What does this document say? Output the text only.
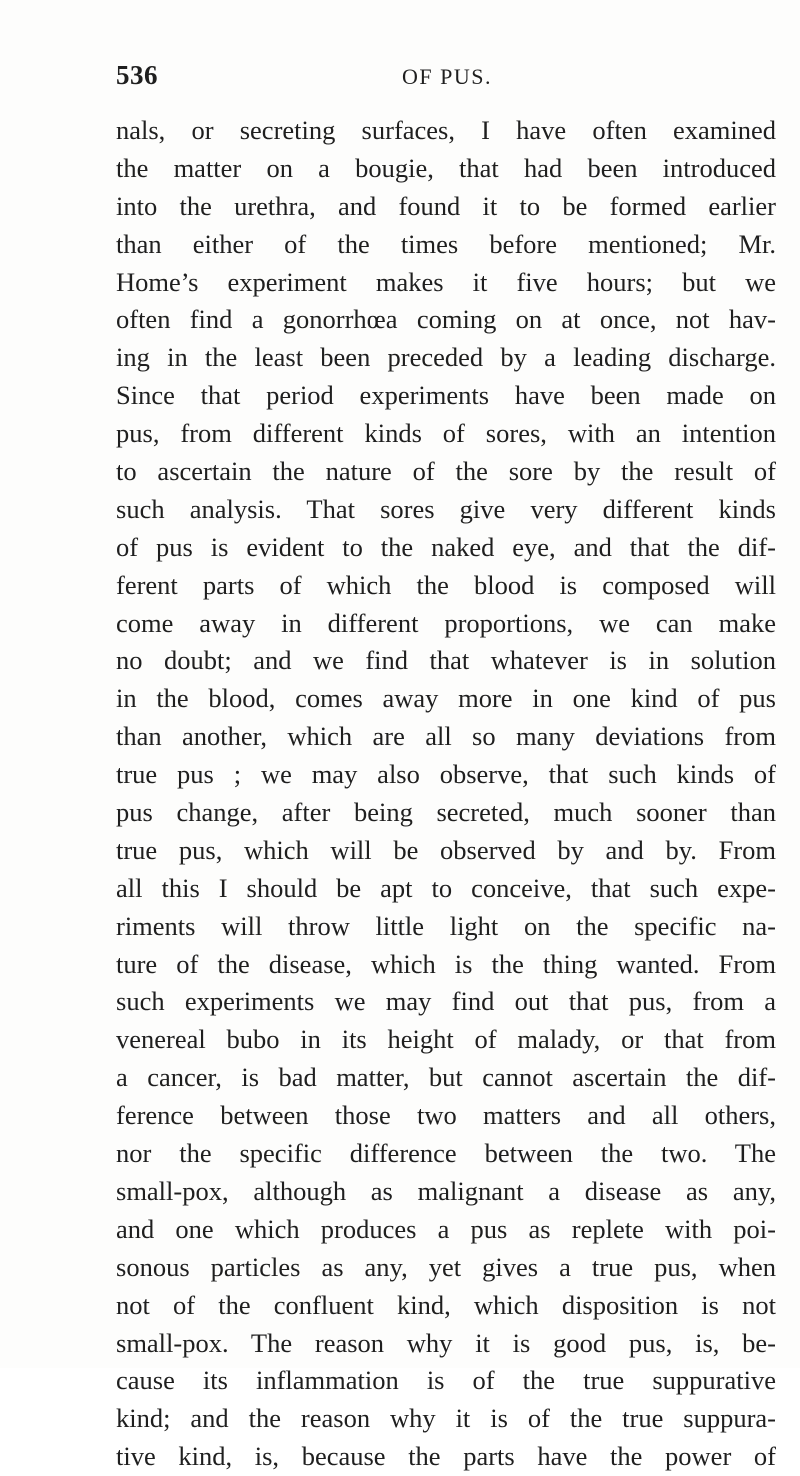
536	OF PUS.
nals, or secreting surfaces, I have often examined
the matter on a bougie, that had been introduced
into the urethra, and found it to be formed earlier
than either of the times before mentioned; Mr.
Home’s experiment makes it five hours; but we
often find a gonorrhœa coming on at once, not hav-
ing in the least been preceded by a leading discharge.
Since that period experiments have been made on
pus, from different kinds of sores, with an intention
to ascertain the nature of the sore by the result of
such analysis. That sores give very different kinds
of pus is evident to the naked eye, and that the dif-
ferent parts of which the blood is composed will
come away in different proportions, we can make
no doubt; and we find that whatever is in solution
in the blood, comes away more in one kind of pus
than another, which are all so many deviations from
true pus ; we may also observe, that such kinds of
pus change, after being secreted, much sooner than
true pus, which will be observed by and by. From
all this I should be apt to conceive, that such expe-
riments will throw little light on the specific na-
ture of the disease, which is the thing wanted. From
such experiments we may find out that pus, from a
venereal bubo in its height of malady, or that from
a cancer, is bad matter, but cannot ascertain the dif-
ference between those two matters and all others,
nor the specific difference between the two. The
small-pox, although as malignant a disease as any,
and one which produces a pus as replete with poi-
sonous particles as any, yet gives a true pus, when
not of the confluent kind, which disposition is not
small-pox. The reason why it is good pus, is, be-
cause its inflammation is of the true suppurative
kind; and the reason why it is of the true suppura-
tive kind, is, because the parts have the power of
